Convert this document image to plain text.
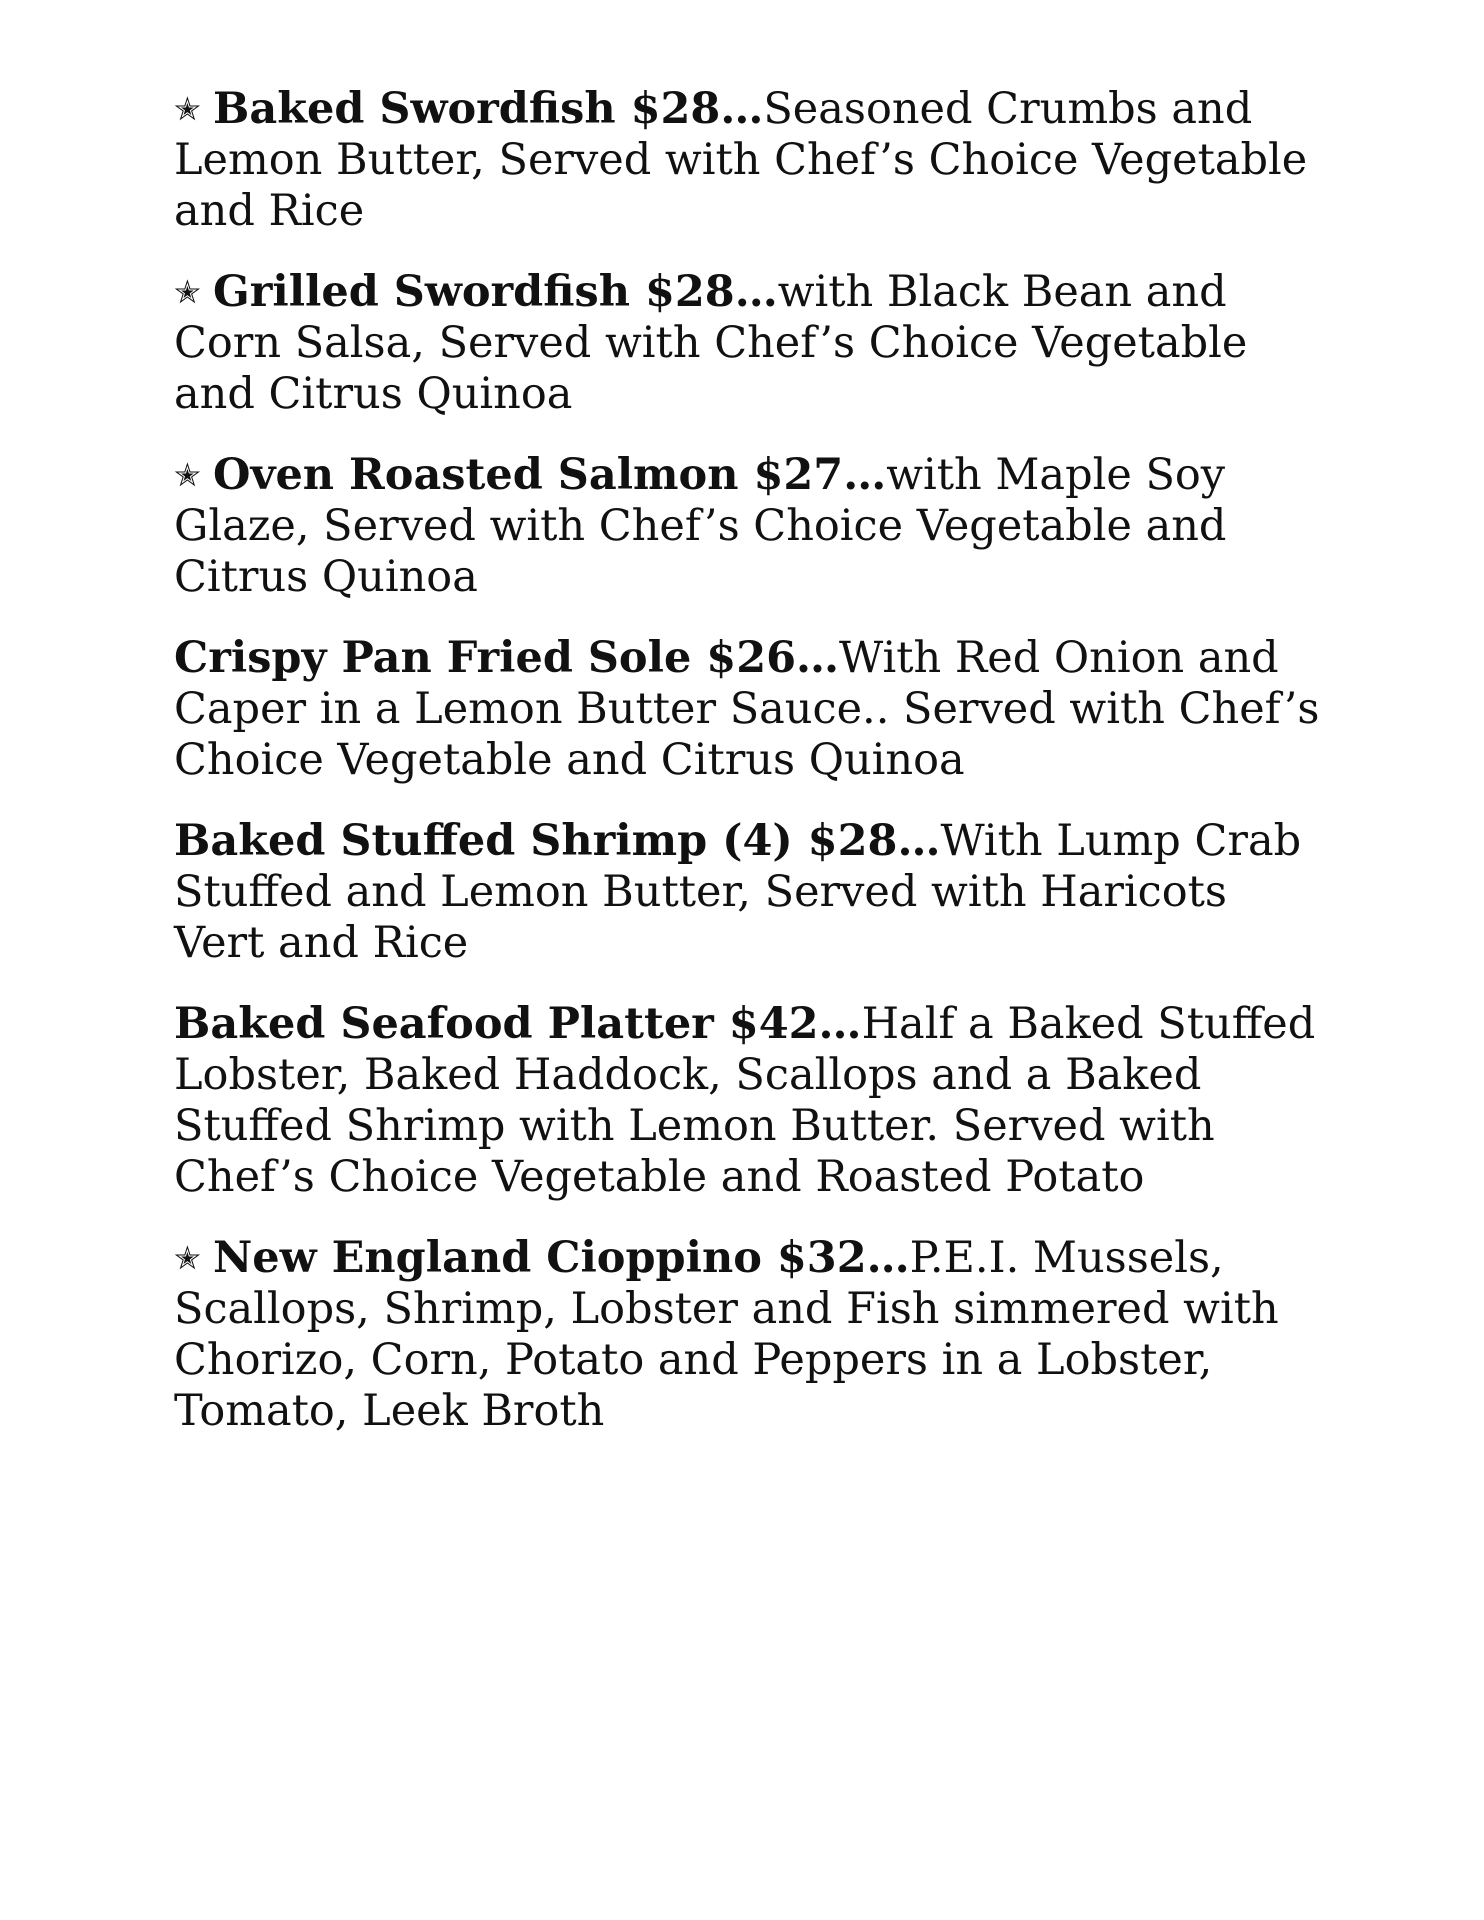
✭ Baked Swordfish $28…Seasoned Crumbs and Lemon Butter, Served with Chef’s Choice Vegetable and Rice

✭ Grilled Swordfish $28…with Black Bean and Corn Salsa, Served with Chef’s Choice Vegetable and Citrus Quinoa

✭ Oven Roasted Salmon $27…with Maple Soy Glaze, Served with Chef’s Choice Vegetable and Citrus Quinoa

Crispy Pan Fried Sole $26…With Red Onion and Caper in a Lemon Butter Sauce.. Served with Chef’s Choice Vegetable and Citrus Quinoa

Baked Stuffed Shrimp (4) $28…With Lump Crab Stuffed and Lemon Butter, Served with Haricots Vert and Rice

Baked Seafood Platter $42…Half a Baked Stuffed Lobster, Baked Haddock, Scallops and a Baked Stuffed Shrimp with Lemon Butter. Served with Chef’s Choice Vegetable and Roasted Potato

✭ New England Cioppino $32…P.E.I. Mussels, Scallops, Shrimp, Lobster and Fish simmered with Chorizo, Corn, Potato and Peppers in a Lobster, Tomato, Leek Broth
